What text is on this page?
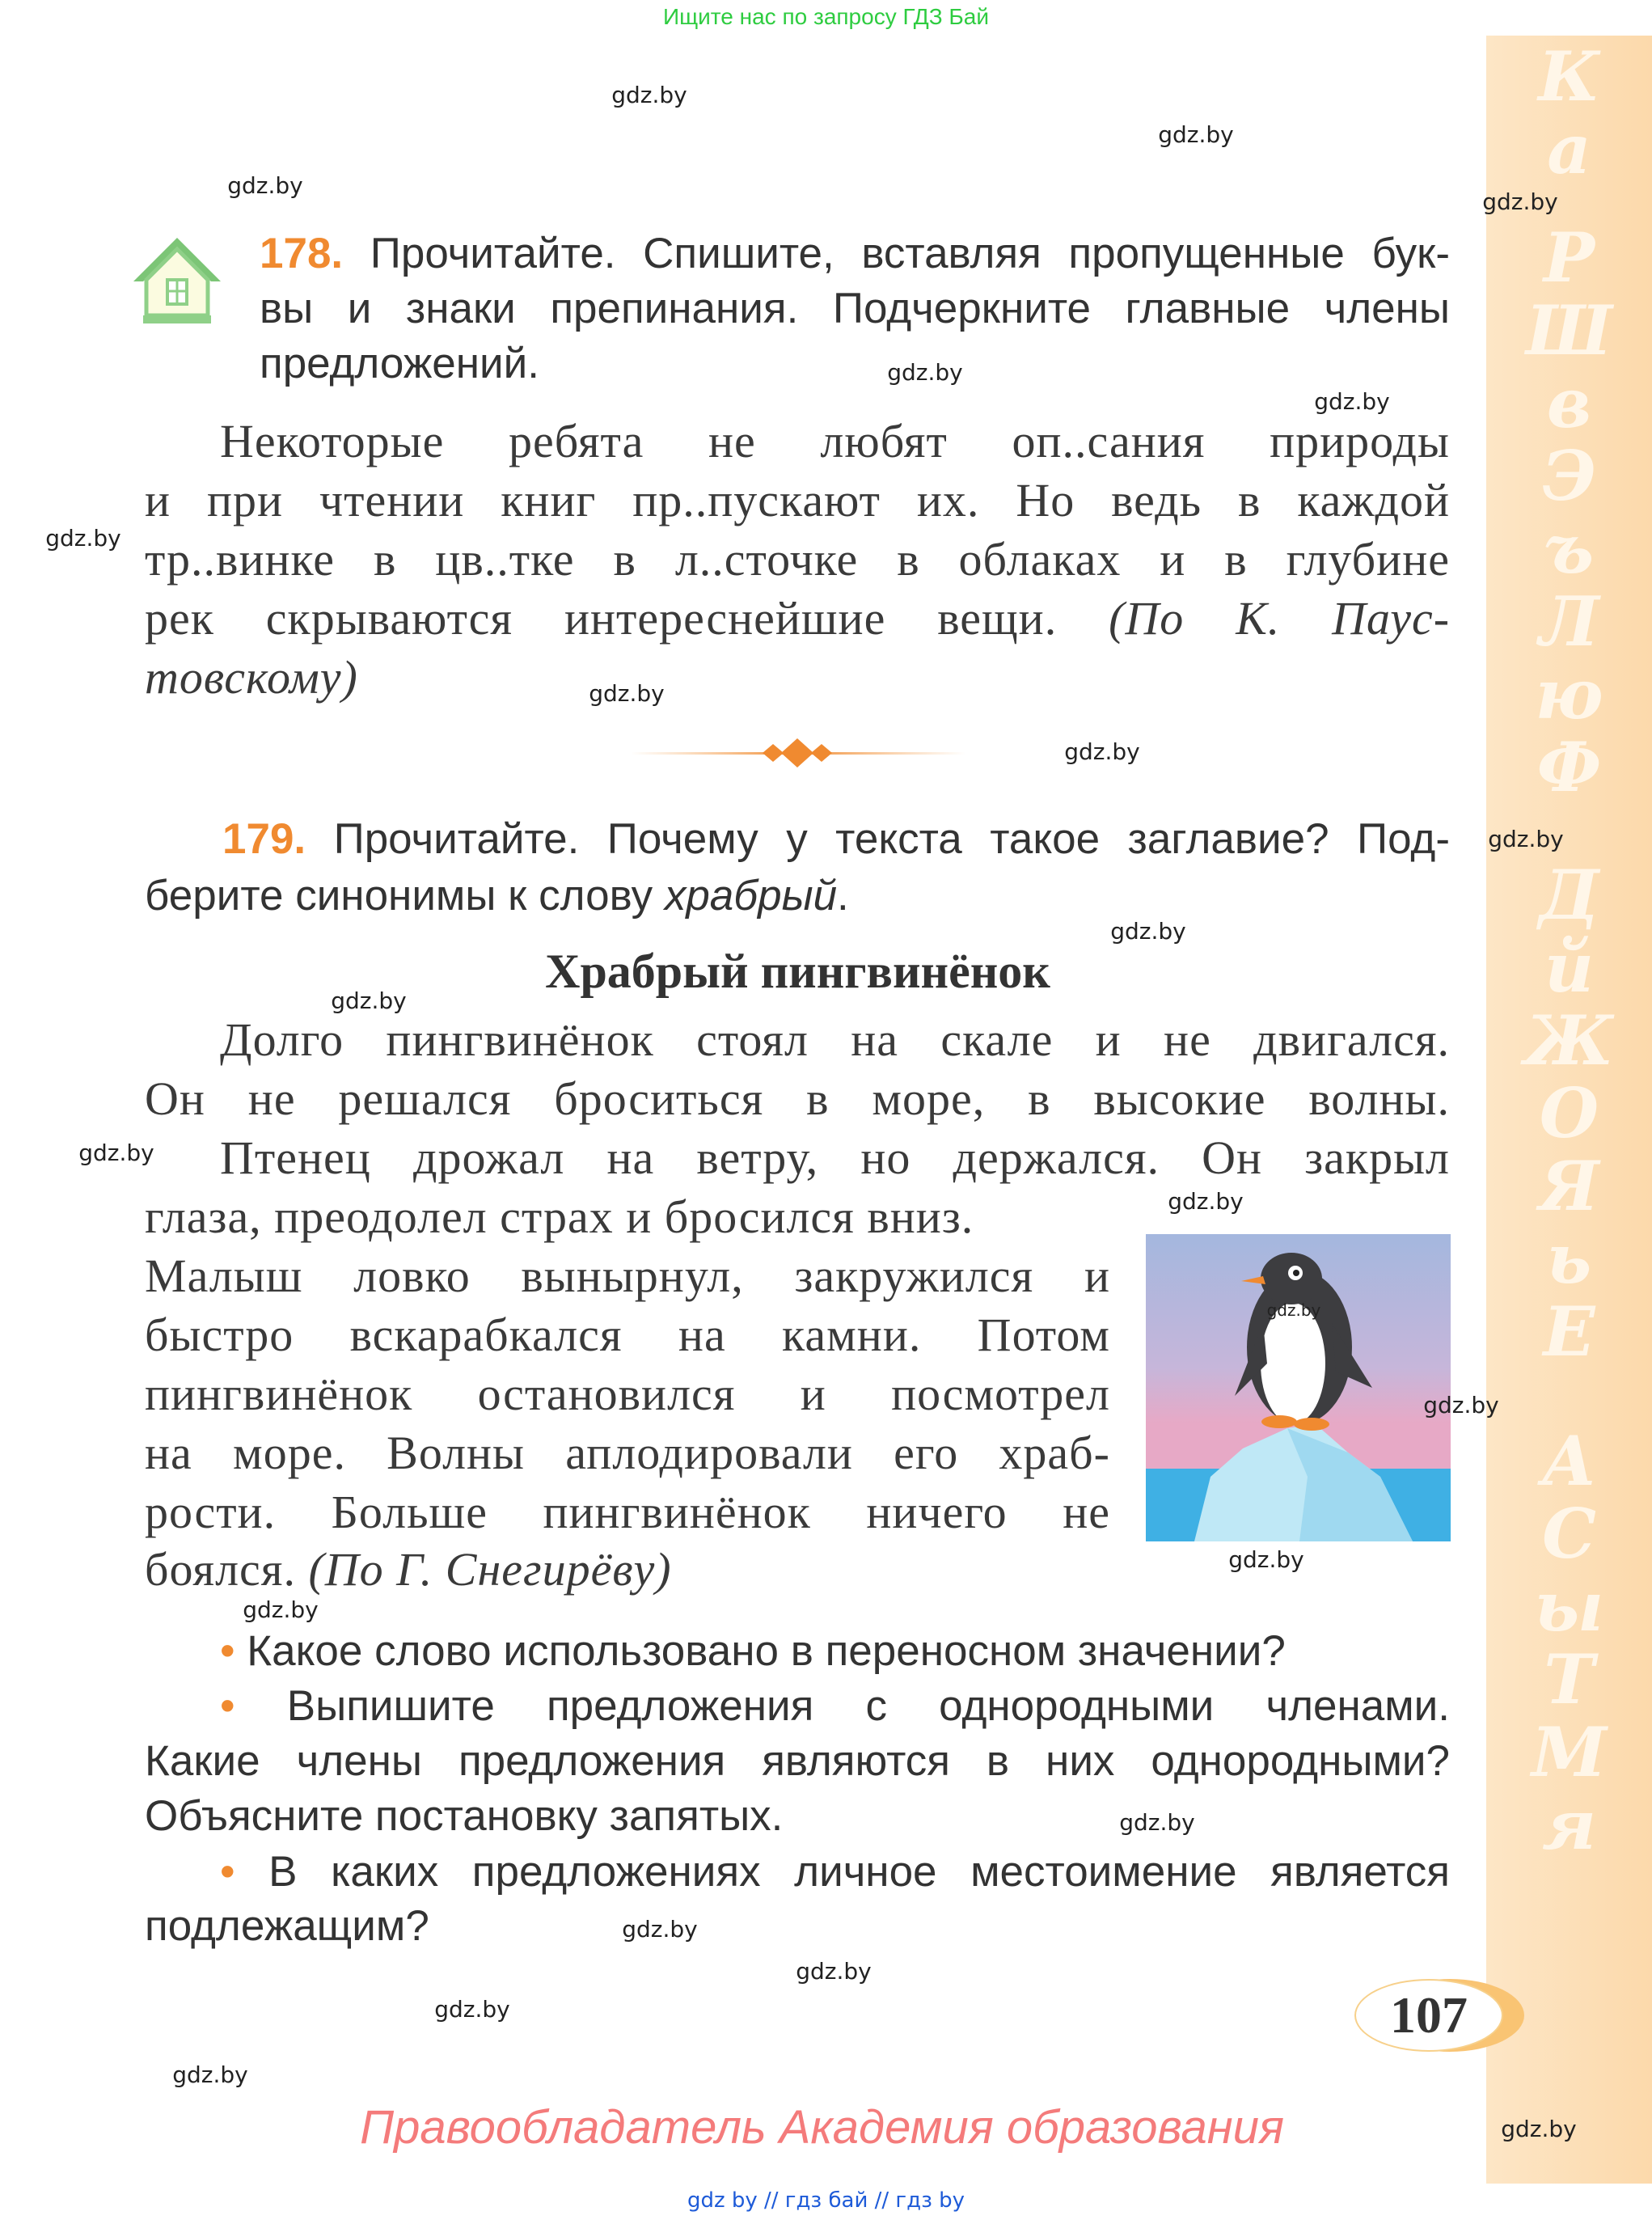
Ищите нас по запросу ГДЗ Бай
К
а
Р
Ш
в
Э
ъ
Л
ю
Ф
Д
й
Ж
О
Я
ь
Е
А
С
ы
Т
М
я
178. Прочитайте. Спишите, вставляя пропущенные бук-
вы и знаки препинания. Подчеркните главные члены
предложений.
Некоторые ребята не любят оп..сания природы
и при чтении книг пр..пускают их. Но ведь в каждой
тр..винке в цв..тке в л..сточке в облаках и в глубине
рек скрываются интереснейшие вещи. (По К. Паус-
товскому)
179. Прочитайте. Почему у текста такое заглавие? Под-
берите синонимы к слову храбрый.
Храбрый пингвинёнок
Долго пингвинёнок стоял на скале и не двигался.
Он не решался броситься в море, в высокие волны.
Птенец дрожал на ветру, но держался. Он закрыл
глаза, преодолел страх и бросился вниз.
Малыш ловко вынырнул, закружился и
быстро вскарабкался на камни. Потом
пингвинёнок остановился и посмотрел
на море. Волны аплодировали его храб-
рости. Больше пингвинёнок ничего не
боялся. (По Г. Снегирёву)
• Какое слово использовано в переносном значении?
• Выпишите предложения с однородными членами.
Какие члены предложения являются в них однородными?
Объясните постановку запятых.
• В каких предложениях личное местоимение является
подлежащим?
107
Правообладатель Академия образования
gdz by // гдз бай // гдз by
gdz.by
gdz.by
gdz.by
gdz.by
gdz.by
gdz.by
gdz.by
gdz.by
gdz.by
gdz.by
gdz.by
gdz.by
gdz.by
gdz.by
gdz.by
gdz.by
gdz.by
gdz.by
gdz.by
gdz.by
gdz.by
gdz.by
gdz.by
gdz.by
